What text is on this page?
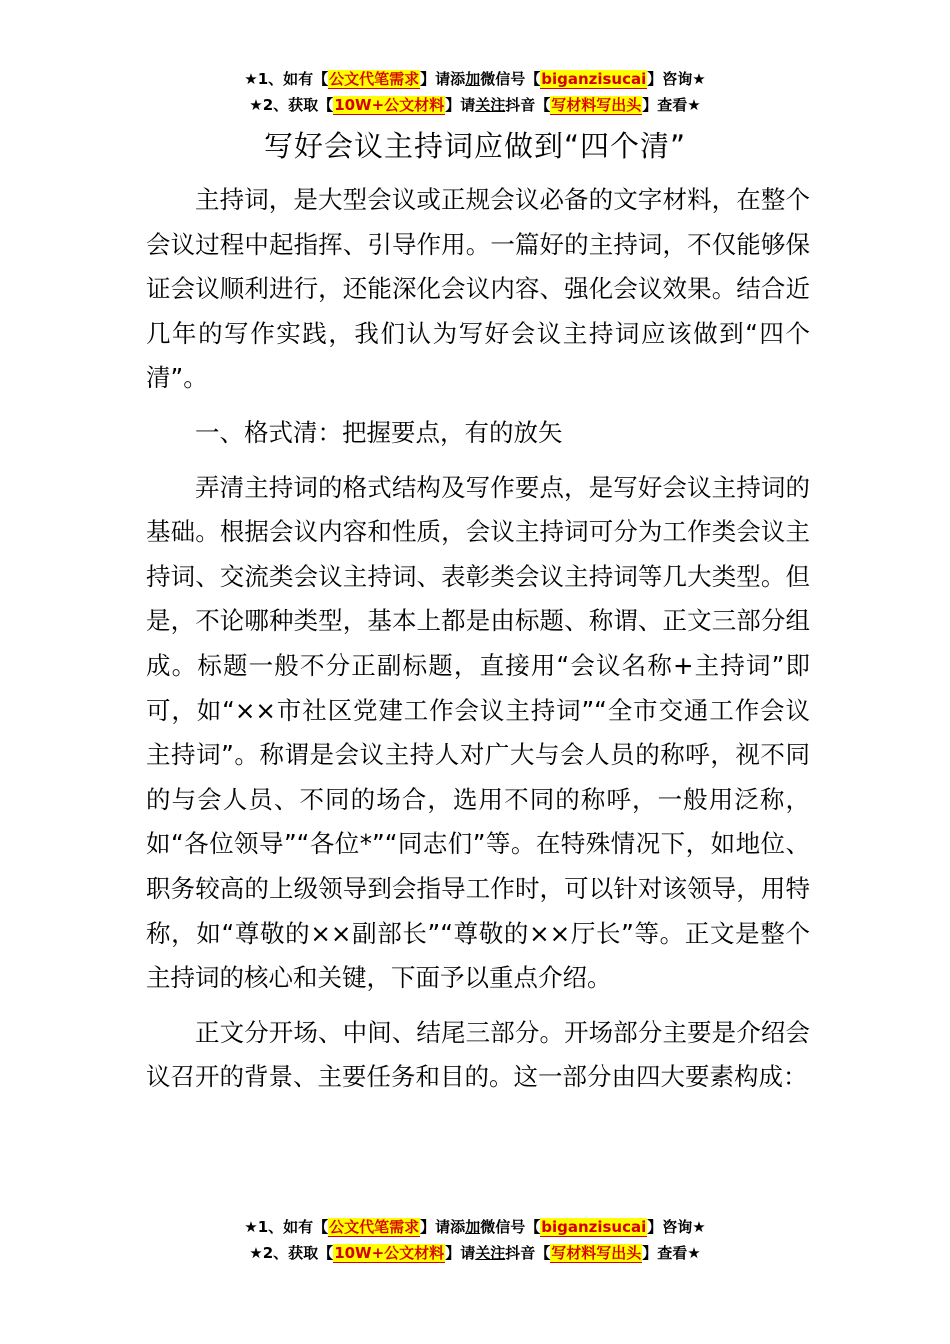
★1、如有【公文代笔需求】请添加微信号【biganzisucai】咨询★
★2、获取【10W+公文材料】请关注抖音【写材料写出头】查看★
写好会议主持词应做到“四个清”

主持词，是大型会议或正规会议必备的文字材料，在整个会议过程中起指挥、引导作用。一篇好的主持词，不仅能够保证会议顺利进行，还能深化会议内容、强化会议效果。结合近几年的写作实践，我们认为写好会议主持词应该做到“四个清”。

一、格式清：把握要点，有的放矢

弄清主持词的格式结构及写作要点，是写好会议主持词的基础。根据会议内容和性质，会议主持词可分为工作类会议主持词、交流类会议主持词、表彰类会议主持词等几大类型。但是，不论哪种类型，基本上都是由标题、称谓、正文三部分组成。标题一般不分正副标题，直接用“会议名称+主持词”即可，如“××市社区党建工作会议主持词”“全市交通工作会议主持词”。称谓是会议主持人对广大与会人员的称呼，视不同的与会人员、不同的场合，选用不同的称呼，一般用泛称，如“各位领导”“各位*”“同志们”等。在特殊情况下，如地位、职务较高的上级领导到会指导工作时，可以针对该领导，用特称，如“尊敬的××副部长”“尊敬的××厅长”等。正文是整个主持词的核心和关键，下面予以重点介绍。

正文分开场、中间、结尾三部分。开场部分主要是介绍会议召开的背景、主要任务和目的。这一部分由四大要素构成：

★1、如有【公文代笔需求】请添加微信号【biganzisucai】咨询★
★2、获取【10W+公文材料】请关注抖音【写材料写出头】查看★
